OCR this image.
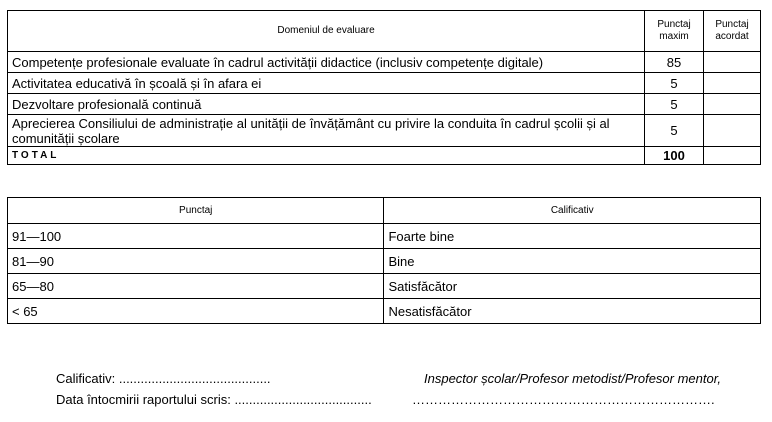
Domeniul de evaluare	Punctaj maxim	Punctaj acordat
Competențe profesionale evaluate în cadrul activității didactice (inclusiv competențe digitale)	85	
Activitatea educativă în școală și în afara ei	5	
Dezvoltare profesională continuă	5	
Aprecierea Consiliului de administrație al unității de învățământ cu privire la conduita în cadrul școlii și al comunității școlare	5	
TOTAL	100	
Punctaj	Calificativ
91—100	Foarte bine
81—90	Bine
65—80	Satisfăcător
< 65	Nesatisfăcător
Calificativ: ..........................................
Data întocmirii raportului scris: ......................................
Inspector școlar/Profesor metodist/Profesor mentor,
…………………………………………………………….
